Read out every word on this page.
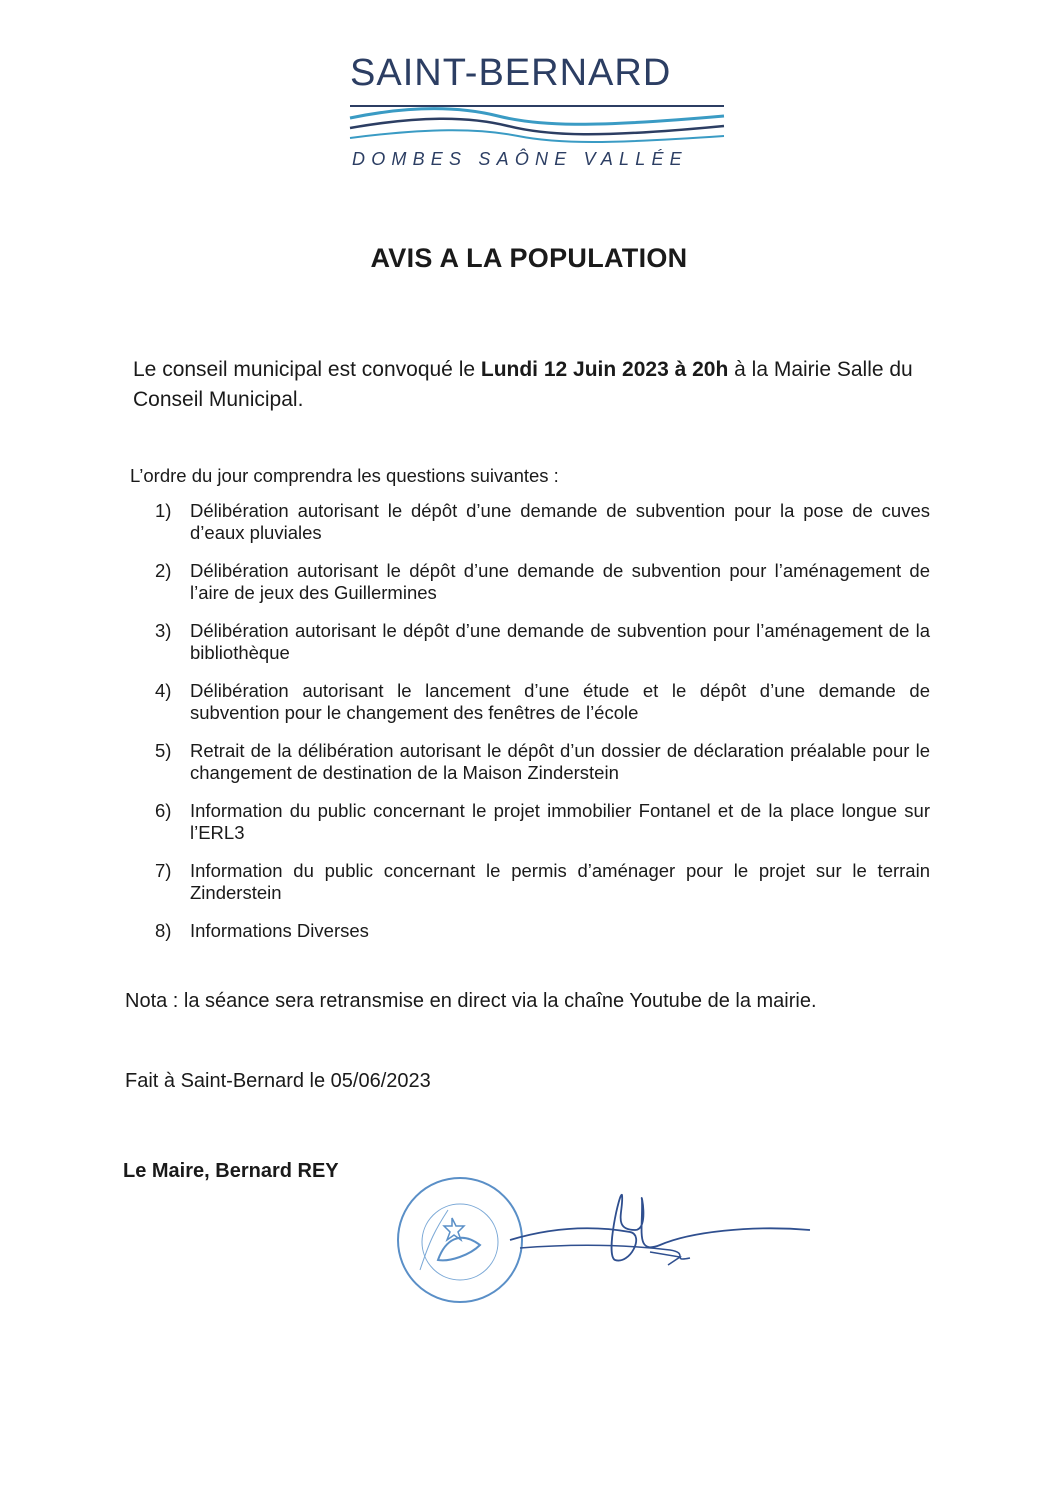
SAINT-BERNARD
DOMBES SAÔNE VALLÉE
AVIS A LA POPULATION
Le conseil municipal est convoqué le Lundi 12 Juin 2023 à 20h à la Mairie Salle du Conseil Municipal.
L’ordre du jour comprendra les questions suivantes :
1) Délibération autorisant le dépôt d’une demande de subvention pour la pose de cuves d’eaux pluviales
2) Délibération autorisant le dépôt d’une demande de subvention pour l’aménagement de l’aire de jeux des Guillermines
3) Délibération autorisant le dépôt d’une demande de subvention pour l’aménagement de la bibliothèque
4) Délibération autorisant le lancement d’une étude et le dépôt d’une demande de subvention pour le changement des fenêtres de l’école
5) Retrait de la délibération autorisant le dépôt d’un dossier de déclaration préalable pour le changement de destination de la Maison Zinderstein
6) Information du public concernant le projet immobilier Fontanel et de la place longue sur l’ERL3
7) Information du public concernant le permis d’aménager pour le projet sur le terrain Zinderstein
8) Informations Diverses
Nota : la séance sera retransmise en direct via la chaîne Youtube de la mairie.
Fait à Saint-Bernard le 05/06/2023
Le Maire, Bernard REY
